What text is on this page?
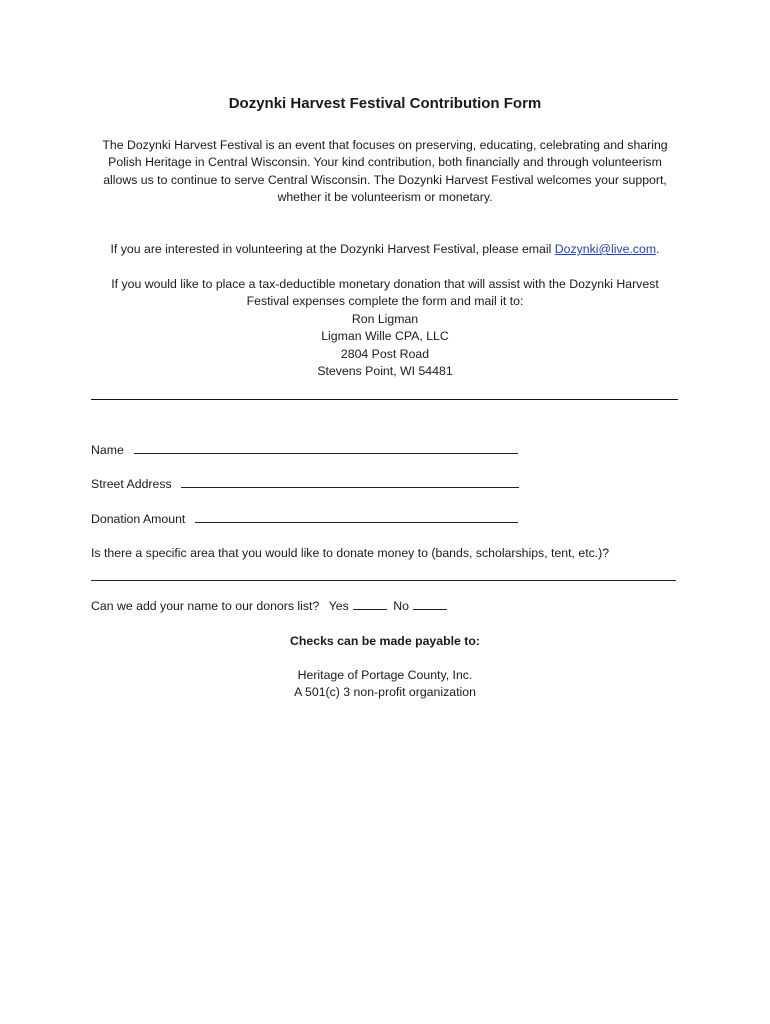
Dozynki Harvest Festival Contribution Form
The Dozynki Harvest Festival is an event that focuses on preserving, educating, celebrating and sharing
Polish Heritage in Central Wisconsin. Your kind contribution, both financially and through volunteerism
allows us to continue to serve Central Wisconsin. The Dozynki Harvest Festival welcomes your support,
whether it be volunteerism or monetary.
If you are interested in volunteering at the Dozynki Harvest Festival, please email Dozynki@live.com.
If you would like to place a tax-deductible monetary donation that will assist with the Dozynki Harvest
Festival expenses complete the form and mail it to:
Ron Ligman
Ligman Wille CPA, LLC
2804 Post Road
Stevens Point, WI 54481
Name
Street Address
Donation Amount
Is there a specific area that you would like to donate money to (bands, scholarships, tent, etc.)?
Can we add your name to our donors list? Yes	No
Checks can be made payable to:
Heritage of Portage County, Inc.
A 501(c) 3 non-profit organization
